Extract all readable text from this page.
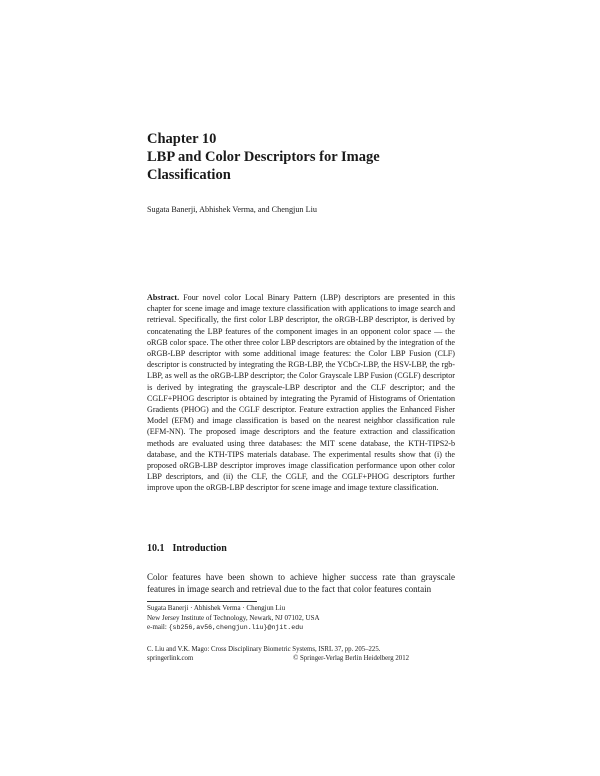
Chapter 10
LBP and Color Descriptors for Image Classification
Sugata Banerji, Abhishek Verma, and Chengjun Liu
Abstract. Four novel color Local Binary Pattern (LBP) descriptors are presented in this chapter for scene image and image texture classification with applications to image search and retrieval. Specifically, the first color LBP descriptor, the oRGB-LBP descriptor, is derived by concatenating the LBP features of the component images in an opponent color space — the oRGB color space. The other three color LBP descriptors are obtained by the integration of the oRGB-LBP descriptor with some additional image features: the Color LBP Fusion (CLF) descriptor is constructed by integrating the RGB-LBP, the YCbCr-LBP, the HSV-LBP, the rgb-LBP, as well as the oRGB-LBP descriptor; the Color Grayscale LBP Fusion (CGLF) descriptor is derived by integrating the grayscale-LBP descriptor and the CLF descriptor; and the CGLF+PHOG descriptor is obtained by integrating the Pyramid of Histograms of Orientation Gradients (PHOG) and the CGLF descriptor. Feature extraction applies the Enhanced Fisher Model (EFM) and image classification is based on the nearest neighbor classification rule (EFM-NN). The proposed image descriptors and the feature extraction and classification methods are evaluated using three databases: the MIT scene database, the KTH-TIPS2-b database, and the KTH-TIPS materials database. The experimental results show that (i) the proposed oRGB-LBP descriptor improves image classification performance upon other color LBP descriptors, and (ii) the CLF, the CGLF, and the CGLF+PHOG descriptors further improve upon the oRGB-LBP descriptor for scene image and image texture classification.
10.1 Introduction
Color features have been shown to achieve higher success rate than grayscale features in image search and retrieval due to the fact that color features contain
Sugata Banerji · Abhishek Verma · Chengjun Liu
New Jersey Institute of Technology, Newark, NJ 07102, USA
e-mail: {sb256,av56,chengjun.liu}@njit.edu
C. Liu and V.K. Mago: Cross Disciplinary Biometric Systems, ISRL 37, pp. 205–225.
springerlink.com	© Springer-Verlag Berlin Heidelberg 2012
